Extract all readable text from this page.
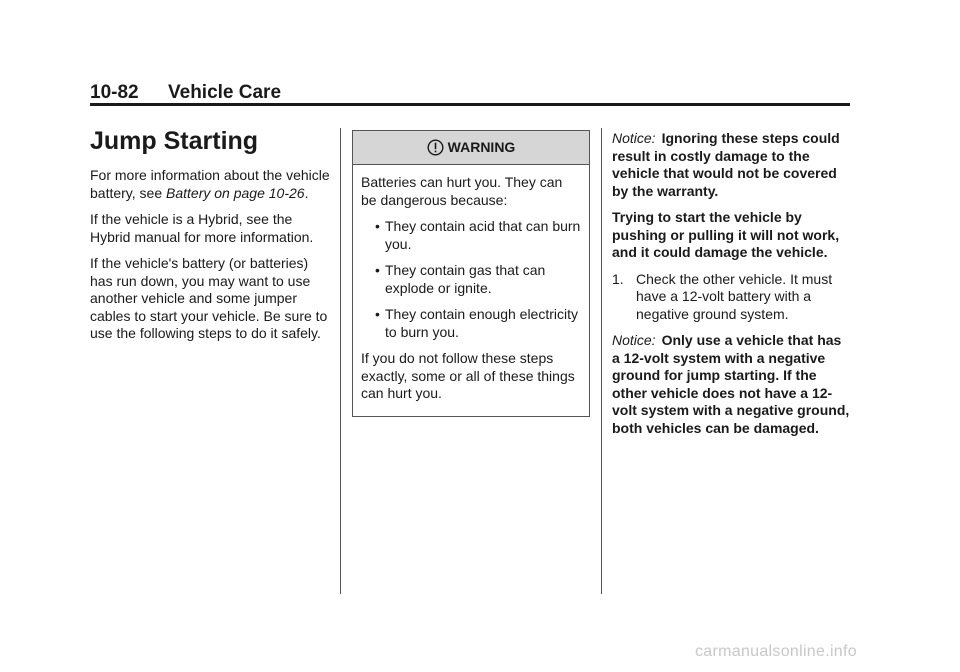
10-82 Vehicle Care
Jump Starting

For more information about the vehicle battery, see Battery on page 10-26.

If the vehicle is a Hybrid, see the Hybrid manual for more information.

If the vehicle's battery (or batteries) has run down, you may want to use another vehicle and some jumper cables to start your vehicle. Be sure to use the following steps to do it safely.

WARNING

Batteries can hurt you. They can be dangerous because:

• They contain acid that can burn you.
• They contain gas that can explode or ignite.
• They contain enough electricity to burn you.

If you do not follow these steps exactly, some or all of these things can hurt you.

Notice: Ignoring these steps could result in costly damage to the vehicle that would not be covered by the warranty.

Trying to start the vehicle by pushing or pulling it will not work, and it could damage the vehicle.

1. Check the other vehicle. It must have a 12-volt battery with a negative ground system.

Notice: Only use a vehicle that has a 12-volt system with a negative ground for jump starting. If the other vehicle does not have a 12-volt system with a negative ground, both vehicles can be damaged.

carmanualsonline.info
